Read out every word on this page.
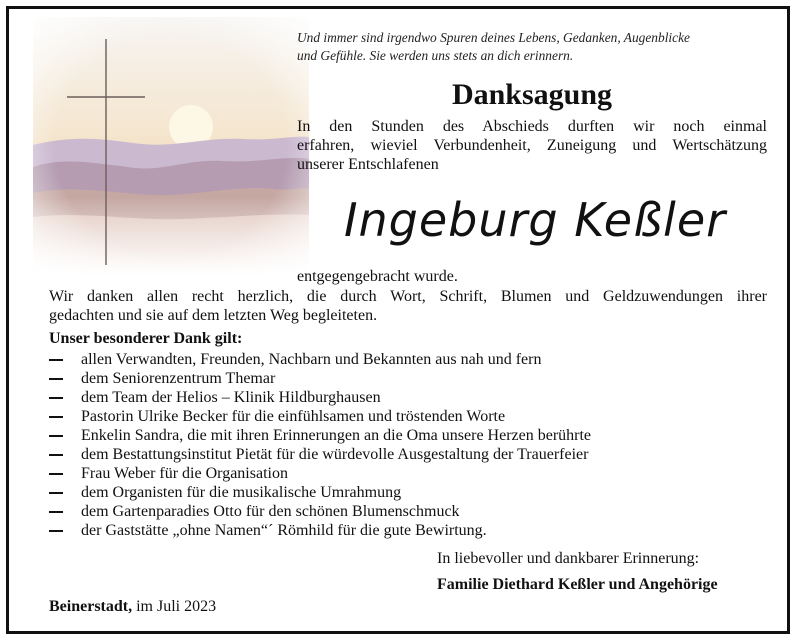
Und immer sind irgendwo Spuren deines Lebens, Gedanken, Augenblicke
und Gefühle. Sie werden uns stets an dich erinnern.
Danksagung
In den Stunden des Abschieds durften wir noch einmal
erfahren, wieviel Verbundenheit, Zuneigung und Wertschätzung
unserer Entschlafenen
Ingeburg Keßler
entgegengebracht wurde.
Wir danken allen recht herzlich, die durch Wort, Schrift, Blumen und Geldzuwendungen ihrer
gedachten und sie auf dem letzten Weg begleiteten.
Unser besonderer Dank gilt:
allen Verwandten, Freunden, Nachbarn und Bekannten aus nah und fern
dem Seniorenzentrum Themar
dem Team der Helios – Klinik Hildburghausen
Pastorin Ulrike Becker für die einfühlsamen und tröstenden Worte
Enkelin Sandra, die mit ihren Erinnerungen an die Oma unsere Herzen berührte
dem Bestattungsinstitut Pietät für die würdevolle Ausgestaltung der Trauerfeier
Frau Weber für die Organisation
dem Organisten für die musikalische Umrahmung
dem Gartenparadies Otto für den schönen Blumenschmuck
der Gaststätte „ohne Namen“´ Römhild für die gute Bewirtung.
In liebevoller und dankbarer Erinnerung:
Familie Diethard Keßler und Angehörige
Beinerstadt, im Juli 2023
